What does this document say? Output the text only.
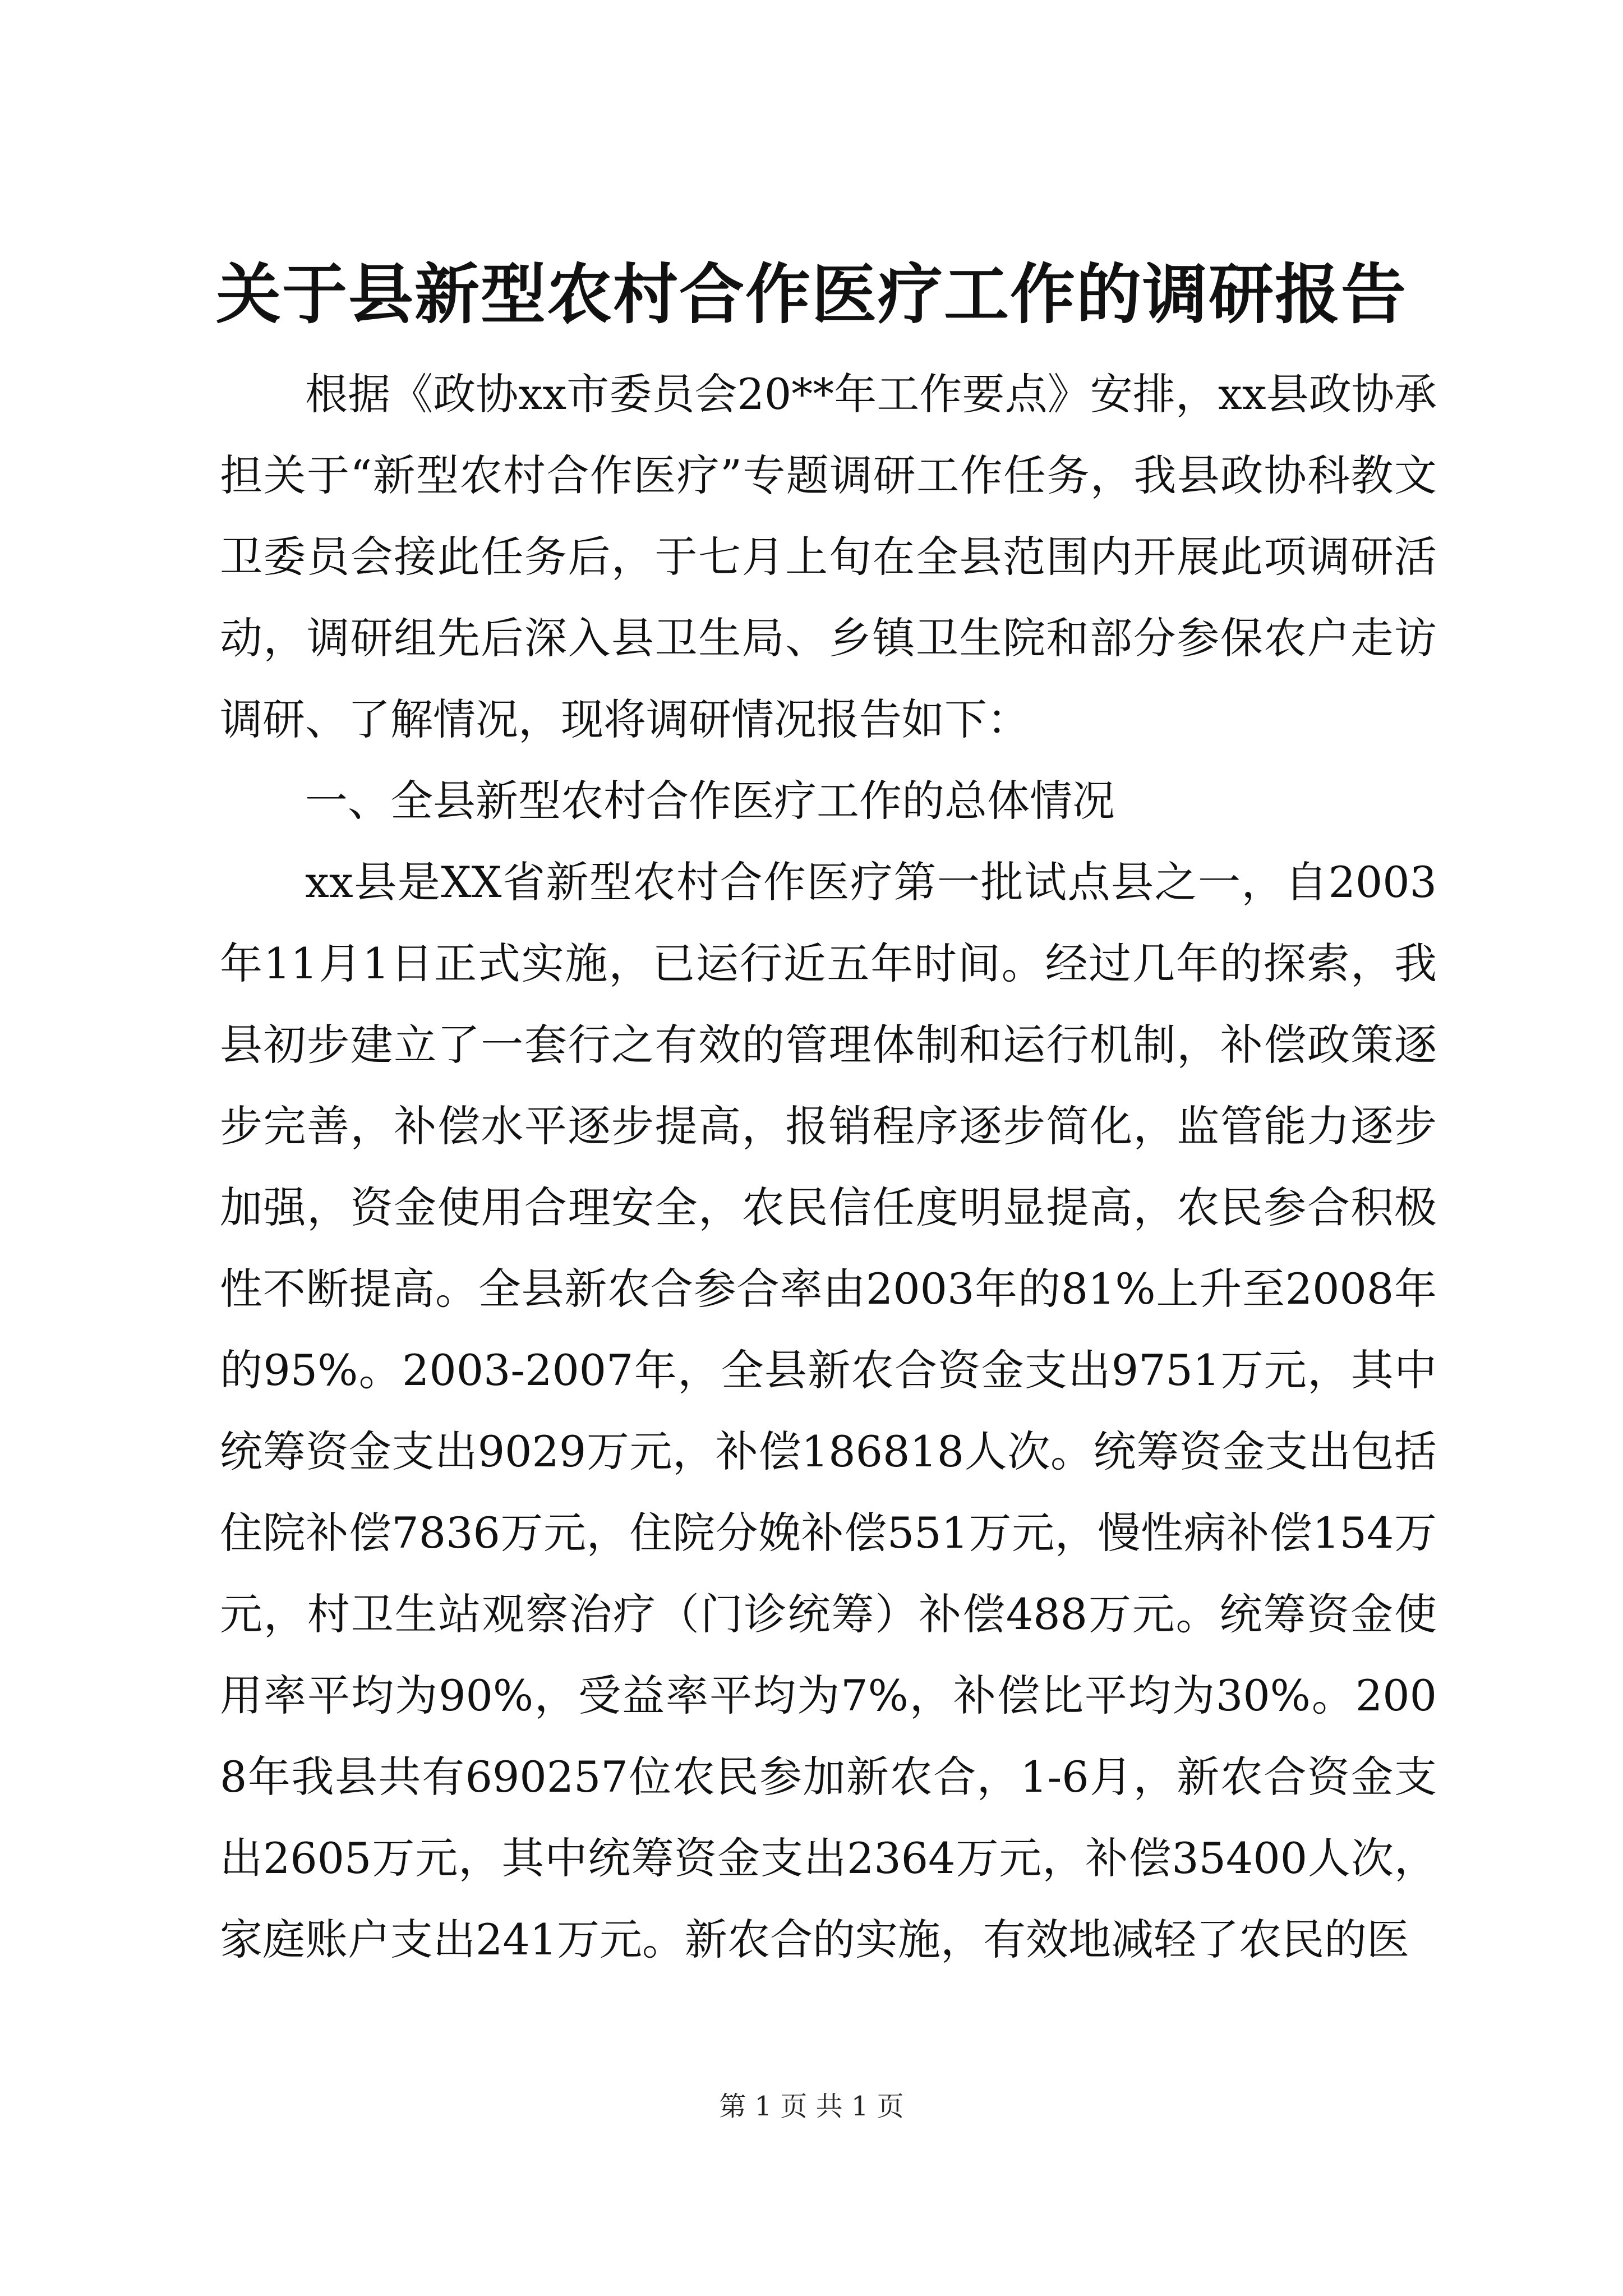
关于县新型农村合作医疗工作的调研报告

根据《政协xx市委员会20**年工作要点》安排，xx县政协承担关于“新型农村合作医疗”专题调研工作任务，我县政协科教文卫委员会接此任务后，于七月上旬在全县范围内开展此项调研活动，调研组先后深入县卫生局、乡镇卫生院和部分参保农户走访调研、了解情况，现将调研情况报告如下：

一、全县新型农村合作医疗工作的总体情况

xx县是XX省新型农村合作医疗第一批试点县之一，自2003年11月1日正式实施，已运行近五年时间。经过几年的探索，我县初步建立了一套行之有效的管理体制和运行机制，补偿政策逐步完善，补偿水平逐步提高，报销程序逐步简化，监管能力逐步加强，资金使用合理安全，农民信任度明显提高，农民参合积极性不断提高。全县新农合参合率由2003年的81%上升至2008年的95%。2003-2007年，全县新农合资金支出9751万元，其中统筹资金支出9029万元，补偿186818人次。统筹资金支出包括住院补偿7836万元，住院分娩补偿551万元，慢性病补偿154万元，村卫生站观察治疗（门诊统筹）补偿488万元。统筹资金使用率平均为90%，受益率平均为7%，补偿比平均为30%。2008年我县共有690257位农民参加新农合，1-6月，新农合资金支出2605万元，其中统筹资金支出2364万元，补偿35400人次，家庭账户支出241万元。新农合的实施，有效地减轻了农民的医

第 1 页 共 1 页
